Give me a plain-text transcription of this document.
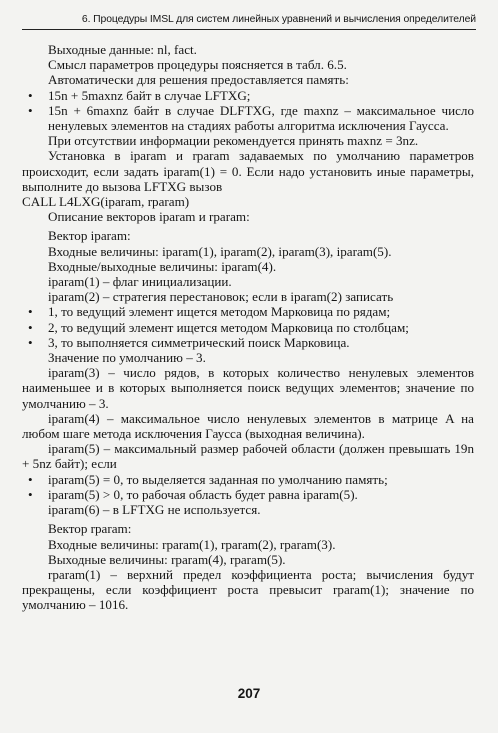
6. Процедуры IMSL для систем линейных уравнений и вычисления определителей

Выходные данные: nl, fact.

Смысл параметров процедуры поясняется в табл. 6.5.

Автоматически для решения предоставляется память:

• 15n + 5maxnz байт в случае LFTXG;

• 15n + 6maxnz байт в случае DLFTXG, где maxnz – максимальное число ненулевых элементов на стадиях работы алгоритма исключения Гаусса.

При отсутствии информации рекомендуется принять maxnz = 3nz.

Установка в iparam и rparam задаваемых по умолчанию параметров происходит, если задать iparam(1) = 0. Если надо установить иные параметры, выполните до вызова LFTXG вызов

CALL L4LXG(iparam, rparam)

Описание векторов iparam и rparam:

Вектор iparam:

Входные величины: iparam(1), iparam(2), iparam(3), iparam(5).

Входные/выходные величины: iparam(4).

iparam(1) – флаг инициализации.

iparam(2) – стратегия перестановок; если в iparam(2) записать

• 1, то ведущий элемент ищется методом Марковица по рядам;

• 2, то ведущий элемент ищется методом Марковица по столбцам;

• 3, то выполняется симметрический поиск Марковица.

Значение по умолчанию – 3.

iparam(3) – число рядов, в которых количество ненулевых элементов наименьшее и в которых выполняется поиск ведущих элементов; значение по умолчанию – 3.

iparam(4) – максимальное число ненулевых элементов в матрице A на любом шаге метода исключения Гаусса (выходная величина).

iparam(5) – максимальный размер рабочей области (должен превышать 19n + 5nz байт); если

• iparam(5) = 0, то выделяется заданная по умолчанию память;

• iparam(5) > 0, то рабочая область будет равна iparam(5).

iparam(6) – в LFTXG не используется.

Вектор rparam:

Входные величины: rparam(1), rparam(2), rparam(3).

Выходные величины: rparam(4), rparam(5).

rparam(1) – верхний предел коэффициента роста; вычисления будут прекращены, если коэффициент роста превысит rparam(1); значение по умолчанию – 1016.

207
